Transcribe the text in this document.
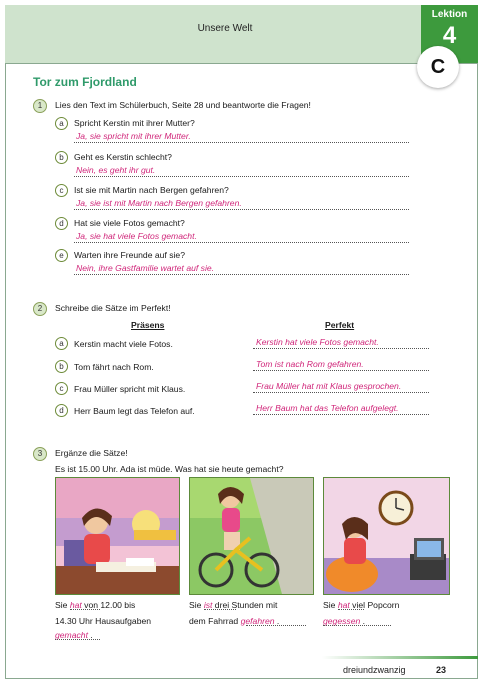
Unsere Welt
Lektion
4
C
Tor zum Fjordland
1	Lies den Text im Schülerbuch, Seite 28 und beantworte die Fragen!
a	Spricht Kerstin mit ihrer Mutter?
Ja, sie spricht mit ihrer Mutter.
b	Geht es Kerstin schlecht?
Nein, es geht ihr gut.
c	Ist sie mit Martin nach Bergen gefahren?
Ja, sie ist mit Martin nach Bergen gefahren.
d	Hat sie viele Fotos gemacht?
Ja, sie hat viele Fotos gemacht.
e	Warten ihre Freunde auf sie?
Nein, ihre Gastfamilie wartet auf sie.
2	Schreibe die Sätze im Perfekt!
Präsens	Perfekt
a	Kerstin macht viele Fotos.	Kerstin hat viele Fotos gemacht.
b	Tom fährt nach Rom.	Tom ist nach Rom gefahren.
c	Frau Müller spricht mit Klaus.	Frau Müller hat mit Klaus gesprochen.
d	Herr Baum legt das Telefon auf.	Herr Baum hat das Telefon aufgelegt.
3	Ergänze die Sätze!
Es ist 15.00 Uhr. Ada ist müde. Was hat sie heute gemacht?
Sie hat von 12.00 bis
14.30 Uhr Hausaufgaben
gemacht .
Sie ist drei Stunden mit
dem Fahrrad gefahren .
Sie hat viel Popcorn
gegessen .
dreiundzwanzig	23
